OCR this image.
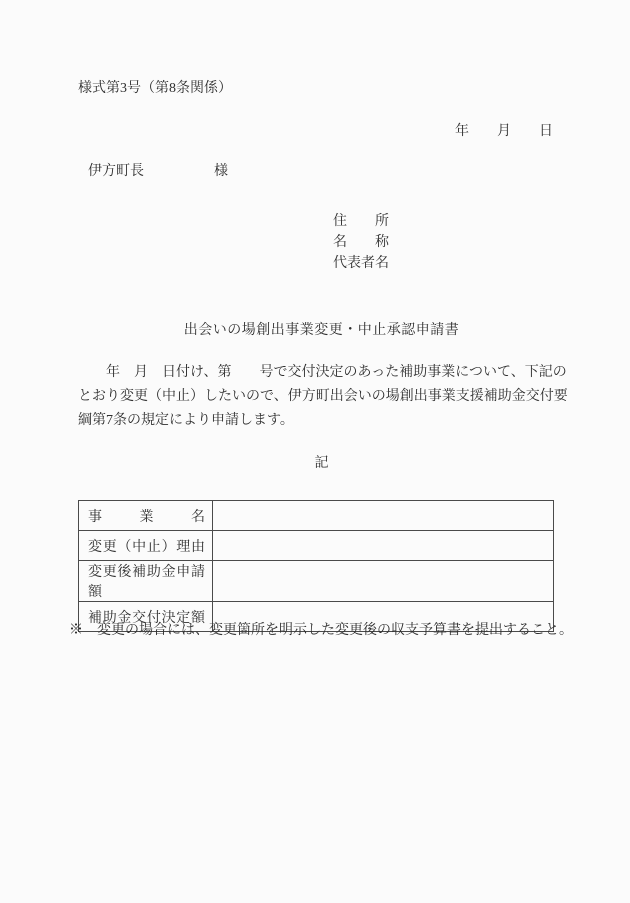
様式第3号（第8条関係）
年　　月　　日
伊方町長　　　　　様
住　　所
名　　称
代表者名
出会いの場創出事業変更・中止承認申請書
　　年　月　日付け、第　　号で交付決定のあった補助事業について、下記の
とおり変更（中止）したいので、伊方町出会いの場創出事業支援補助金交付要
綱第7条の規定により申請します。
記
事業名	
変更（中止）理由	
変更後補助金申請額	
補助金交付決定額	
※　変更の場合には、変更箇所を明示した変更後の収支予算書を提出すること。
